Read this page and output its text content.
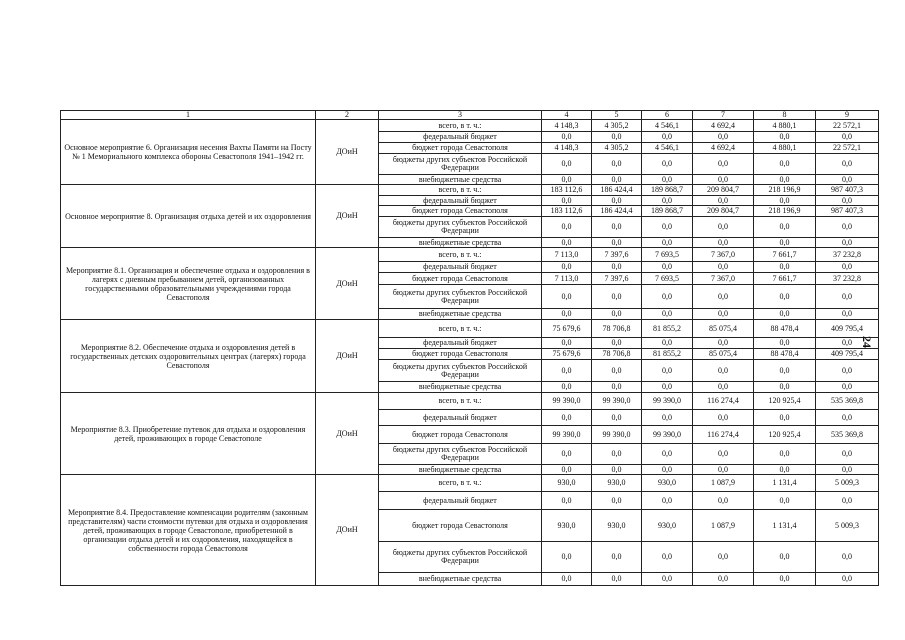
1	2	3	4	5	6	7	8	9
Основное мероприятие 6. Организация несения Вахты Памяти на Посту № 1 Мемориального комплекса обороны Севастополя 1941–1942 гг.	ДОиН	всего, в т. ч.:	4 148,3	4 305,2	4 546,1	4 692,4	4 880,1	22 572,1
		федеральный бюджет	0,0	0,0	0,0	0,0	0,0	0,0
		бюджет города Севастополя	4 148,3	4 305,2	4 546,1	4 692,4	4 880,1	22 572,1
		бюджеты других субъектов Российской Федерации	0,0	0,0	0,0	0,0	0,0	0,0
		внебюджетные средства	0,0	0,0	0,0	0,0	0,0	0,0
Основное мероприятие 8. Организация отдыха детей и их оздоровления	ДОиН	всего, в т. ч.:	183 112,6	186 424,4	189 868,7	209 804,7	218 196,9	987 407,3
		федеральный бюджет	0,0	0,0	0,0	0,0	0,0	0,0
		бюджет города Севастополя	183 112,6	186 424,4	189 868,7	209 804,7	218 196,9	987 407,3
		бюджеты других субъектов Российской Федерации	0,0	0,0	0,0	0,0	0,0	0,0
		внебюджетные средства	0,0	0,0	0,0	0,0	0,0	0,0
Мероприятие 8.1. Организация и обеспечение отдыха и оздоровления в лагерях с дневным пребыванием детей, организованных государственными образовательными учреждениями города Севастополя	ДОиН	всего, в т. ч.:	7 113,0	7 397,6	7 693,5	7 367,0	7 661,7	37 232,8
		федеральный бюджет	0,0	0,0	0,0	0,0	0,0	0,0
		бюджет города Севастополя	7 113,0	7 397,6	7 693,5	7 367,0	7 661,7	37 232,8
		бюджеты других субъектов Российской Федерации	0,0	0,0	0,0	0,0	0,0	0,0
		внебюджетные средства	0,0	0,0	0,0	0,0	0,0	0,0
Мероприятие 8.2. Обеспечение отдыха и оздоровления детей в государственных детских оздоровительных центрах (лагерях) города Севастополя	ДОиН	всего, в т. ч.:	75 679,6	78 706,8	81 855,2	85 075,4	88 478,4	409 795,4
		федеральный бюджет	0,0	0,0	0,0	0,0	0,0	0,0
		бюджет города Севастополя	75 679,6	78 706,8	81 855,2	85 075,4	88 478,4	409 795,4
		бюджеты других субъектов Российской Федерации	0,0	0,0	0,0	0,0	0,0	0,0
		внебюджетные средства	0,0	0,0	0,0	0,0	0,0	0,0
Мероприятие 8.3. Приобретение путевок для отдыха и оздоровления детей, проживающих в городе Севастополе	ДОиН	всего, в т. ч.:	99 390,0	99 390,0	99 390,0	116 274,4	120 925,4	535 369,8
		федеральный бюджет	0,0	0,0	0,0	0,0	0,0	0,0
		бюджет города Севастополя	99 390,0	99 390,0	99 390,0	116 274,4	120 925,4	535 369,8
		бюджеты других субъектов Российской Федерации	0,0	0,0	0,0	0,0	0,0	0,0
		внебюджетные средства	0,0	0,0	0,0	0,0	0,0	0,0
Мероприятие 8.4. Предоставление компенсации родителям (законным представителям) части стоимости путевки для отдыха и оздоровления детей, проживающих в городе Севастополе, приобретенной в организации отдыха детей и их оздоровления, находящейся в собственности города Севастополя	ДОиН	всего, в т. ч.:	930,0	930,0	930,0	1 087,9	1 131,4	5 009,3
		федеральный бюджет	0,0	0,0	0,0	0,0	0,0	0,0
		бюджет города Севастополя	930,0	930,0	930,0	1 087,9	1 131,4	5 009,3
		бюджеты других субъектов Российской Федерации	0,0	0,0	0,0	0,0	0,0	0,0
		внебюджетные средства	0,0	0,0	0,0	0,0	0,0	0,0
24
